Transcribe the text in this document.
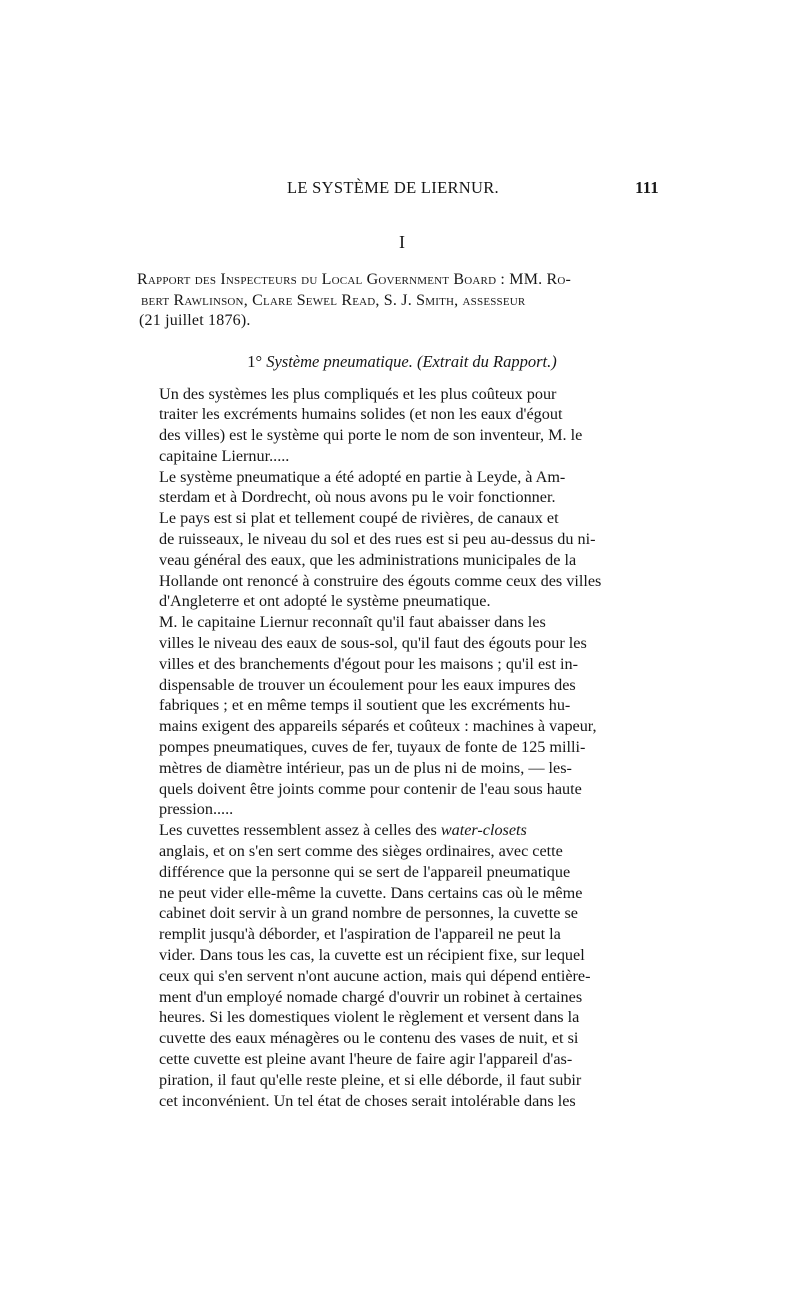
LE SYSTÈME DE LIERNUR.	111
I
Rapport des Inspecteurs du Local Government Board : MM. Ro-
bert Rawlinson, Clare Sewel Read, S. J. Smith, assesseur
(21 juillet 1876).
1° Système pneumatique. (Extrait du Rapport.)

Un des systèmes les plus compliqués et les plus coûteux pour
traiter les excréments humains solides (et non les eaux d'égout
des villes) est le système qui porte le nom de son inventeur, M. le
capitaine Liernur.....

Le système pneumatique a été adopté en partie à Leyde, à Am-
sterdam et à Dordrecht, où nous avons pu le voir fonctionner.

Le pays est si plat et tellement coupé de rivières, de canaux et
de ruisseaux, le niveau du sol et des rues est si peu au-dessus du ni-
veau général des eaux, que les administrations municipales de la
Hollande ont renoncé à construire des égouts comme ceux des villes
d'Angleterre et ont adopté le système pneumatique.

M. le capitaine Liernur reconnaît qu'il faut abaisser dans les
villes le niveau des eaux de sous-sol, qu'il faut des égouts pour les
villes et des branchements d'égout pour les maisons ; qu'il est in-
dispensable de trouver un écoulement pour les eaux impures des
fabriques ; et en même temps il soutient que les excréments hu-
mains exigent des appareils séparés et coûteux : machines à vapeur,
pompes pneumatiques, cuves de fer, tuyaux de fonte de 125 milli-
mètres de diamètre intérieur, pas un de plus ni de moins, — les-
quels doivent être joints comme pour contenir de l'eau sous haute
pression.....

Les cuvettes ressemblent assez à celles des water-closets
anglais, et on s'en sert comme des sièges ordinaires, avec cette
différence que la personne qui se sert de l'appareil pneumatique
ne peut vider elle-même la cuvette. Dans certains cas où le même
cabinet doit servir à un grand nombre de personnes, la cuvette se
remplit jusqu'à déborder, et l'aspiration de l'appareil ne peut la
vider. Dans tous les cas, la cuvette est un récipient fixe, sur lequel
ceux qui s'en servent n'ont aucune action, mais qui dépend entière-
ment d'un employé nomade chargé d'ouvrir un robinet à certaines
heures. Si les domestiques violent le règlement et versent dans la
cuvette des eaux ménagères ou le contenu des vases de nuit, et si
cette cuvette est pleine avant l'heure de faire agir l'appareil d'as-
piration, il faut qu'elle reste pleine, et si elle déborde, il faut subir
cet inconvénient. Un tel état de choses serait intolérable dans les
